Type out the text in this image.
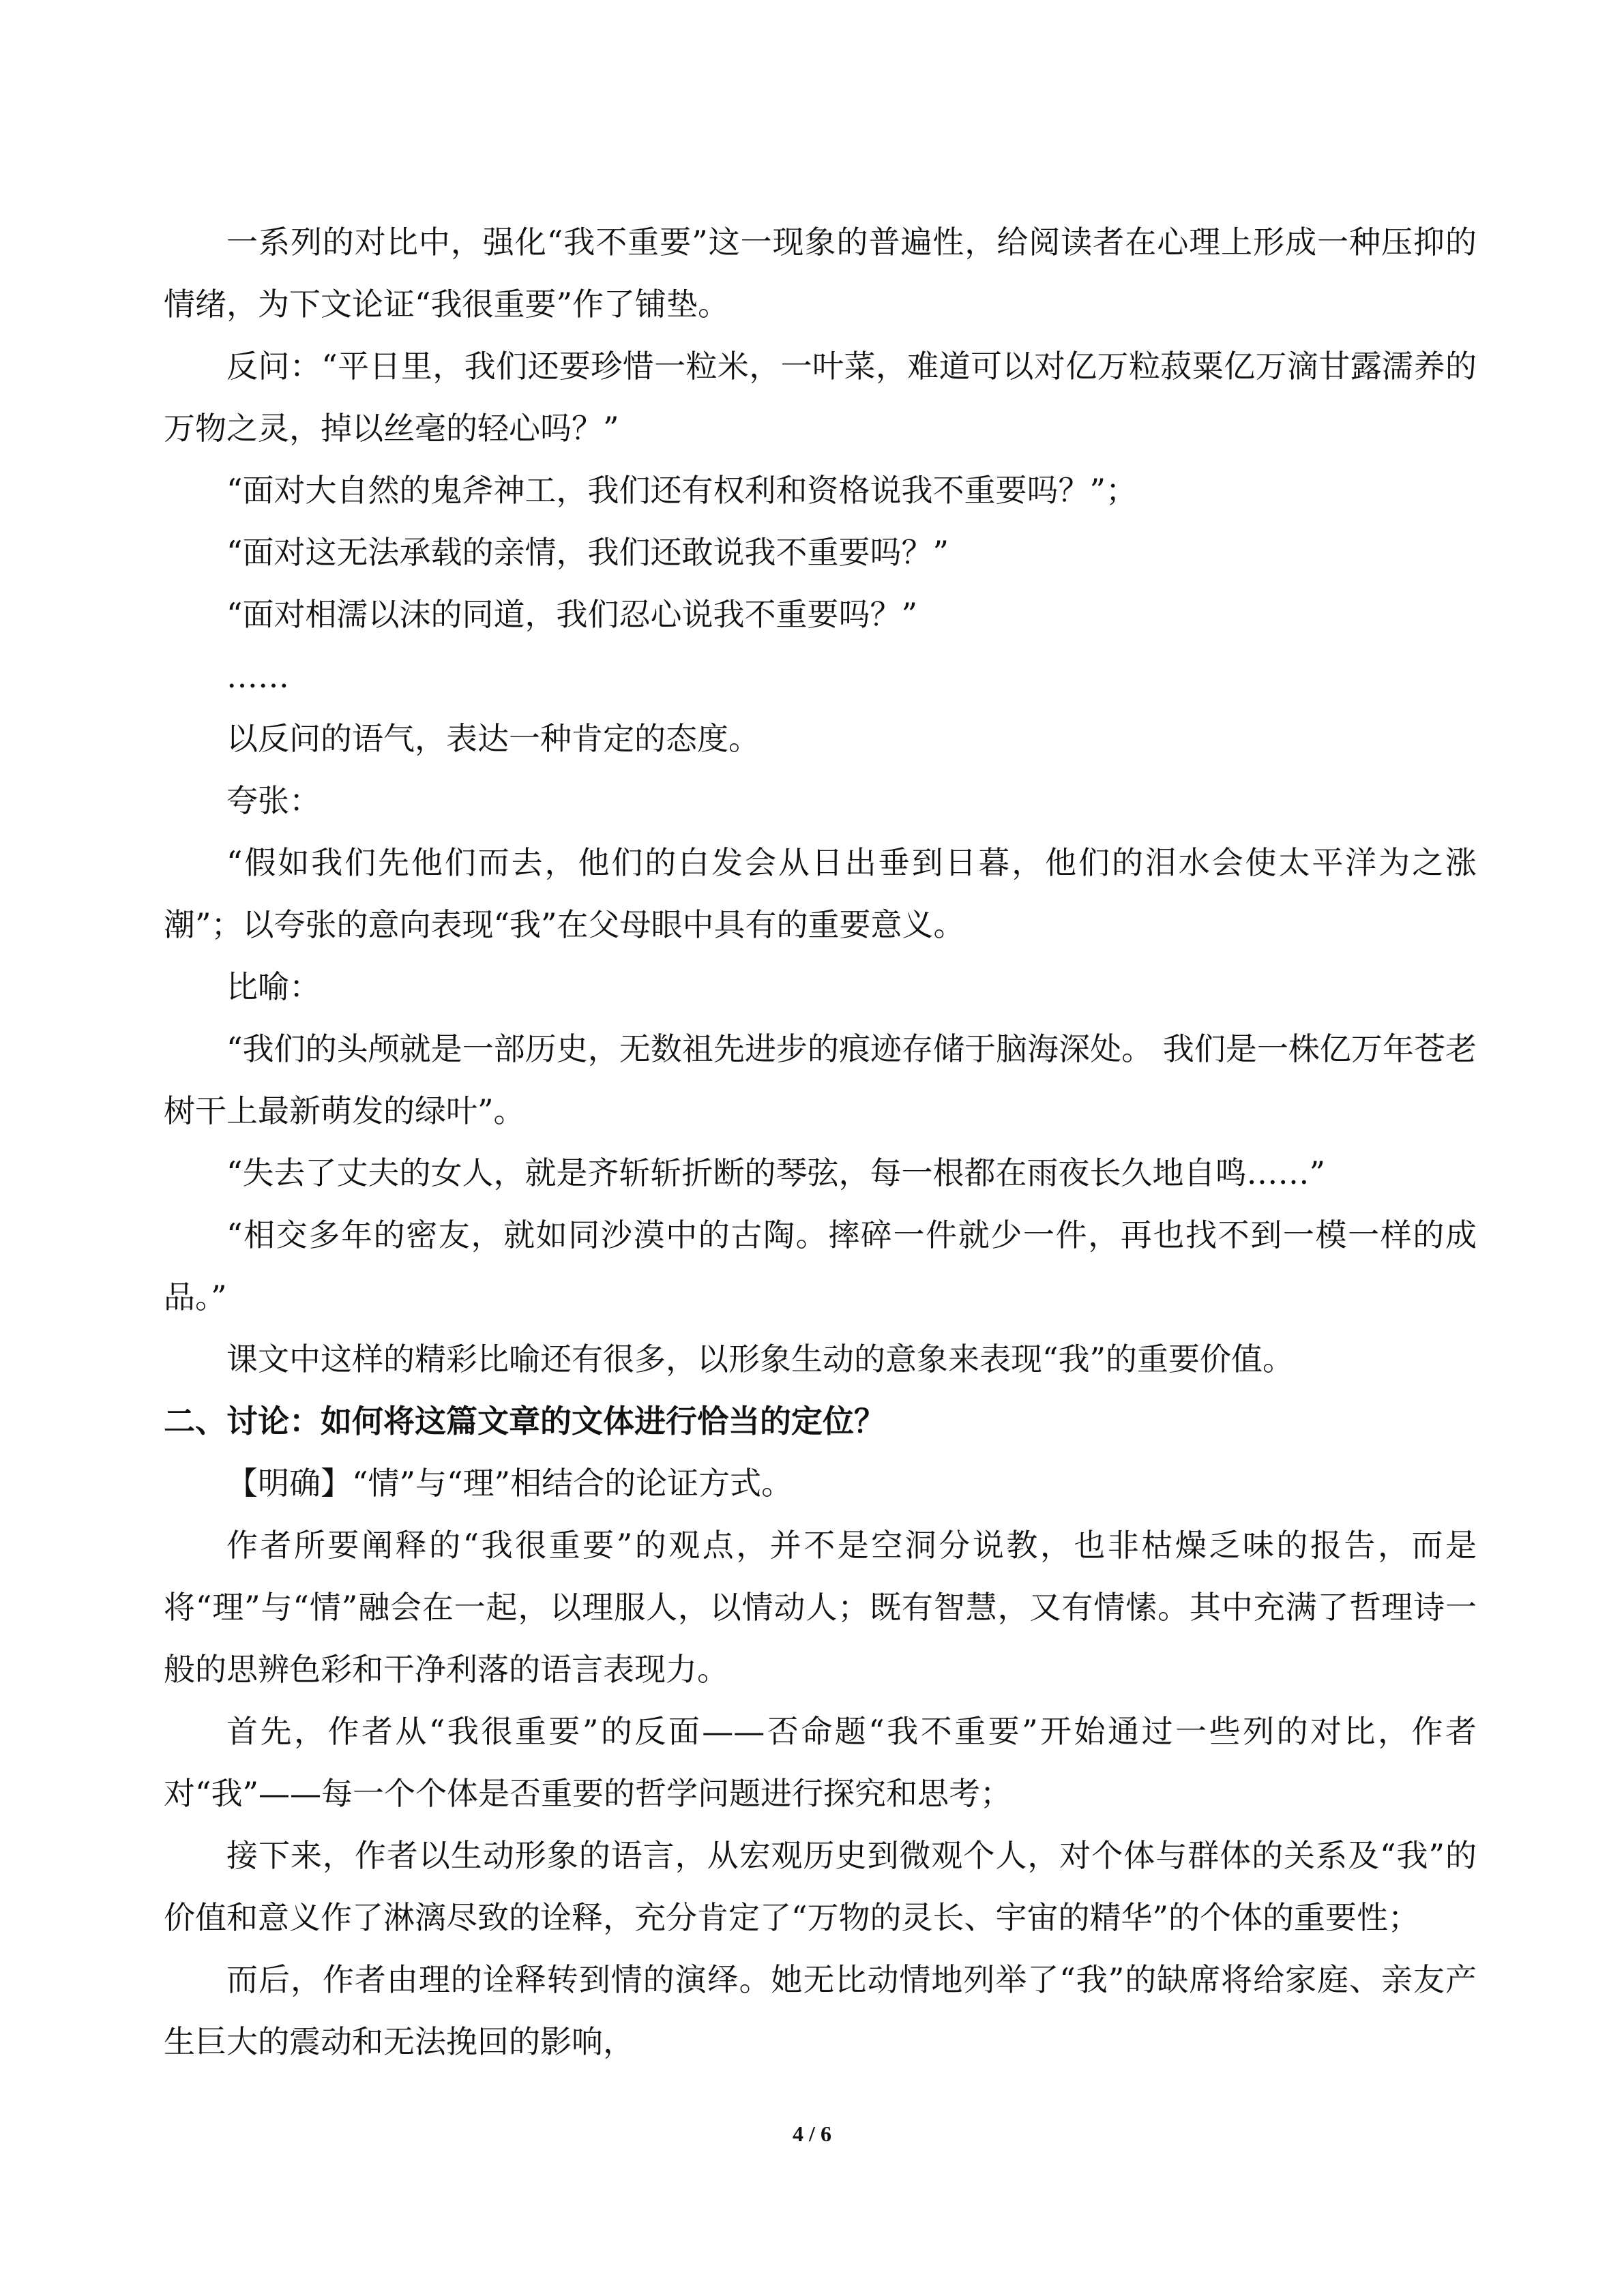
一系列的对比中，强化“我不重要”这一现象的普遍性，给阅读者在心理上形成一种压抑的情绪，为下文论证“我很重要”作了铺垫。

反问：“平日里，我们还要珍惜一粒米，一叶菜，难道可以对亿万粒菽粟亿万滴甘露濡养的万物之灵，掉以丝毫的轻心吗？”

“面对大自然的鬼斧神工，我们还有权利和资格说我不重要吗？”；

“面对这无法承载的亲情，我们还敢说我不重要吗？”

“面对相濡以沫的同道，我们忍心说我不重要吗？”

……

以反问的语气，表达一种肯定的态度。

夸张：

“假如我们先他们而去，他们的白发会从日出垂到日暮，他们的泪水会使太平洋为之涨潮”；以夸张的意向表现“我”在父母眼中具有的重要意义。

比喻：

“我们的头颅就是一部历史，无数祖先进步的痕迹存储于脑海深处。 我们是一株亿万年苍老树干上最新萌发的绿叶”。

“失去了丈夫的女人，就是齐斩斩折断的琴弦，每一根都在雨夜长久地自鸣……”

“相交多年的密友，就如同沙漠中的古陶。摔碎一件就少一件，再也找不到一模一样的成品。”

课文中这样的精彩比喻还有很多，以形象生动的意象来表现“我”的重要价值。

二、讨论：如何将这篇文章的文体进行恰当的定位？

【明确】“情”与“理”相结合的论证方式。

作者所要阐释的“我很重要”的观点，并不是空洞分说教，也非枯燥乏味的报告，而是将“理”与“情”融会在一起，以理服人，以情动人；既有智慧，又有情愫。其中充满了哲理诗一般的思辨色彩和干净利落的语言表现力。

首先，作者从“我很重要”的反面——否命题“我不重要”开始通过一些列的对比，作者对“我”——每一个个体是否重要的哲学问题进行探究和思考；

接下来，作者以生动形象的语言，从宏观历史到微观个人，对个体与群体的关系及“我”的价值和意义作了淋漓尽致的诠释，充分肯定了“万物的灵长、宇宙的精华”的个体的重要性；

而后，作者由理的诠释转到情的演绎。她无比动情地列举了“我”的缺席将给家庭、亲友产生巨大的震动和无法挽回的影响，

4 / 6
